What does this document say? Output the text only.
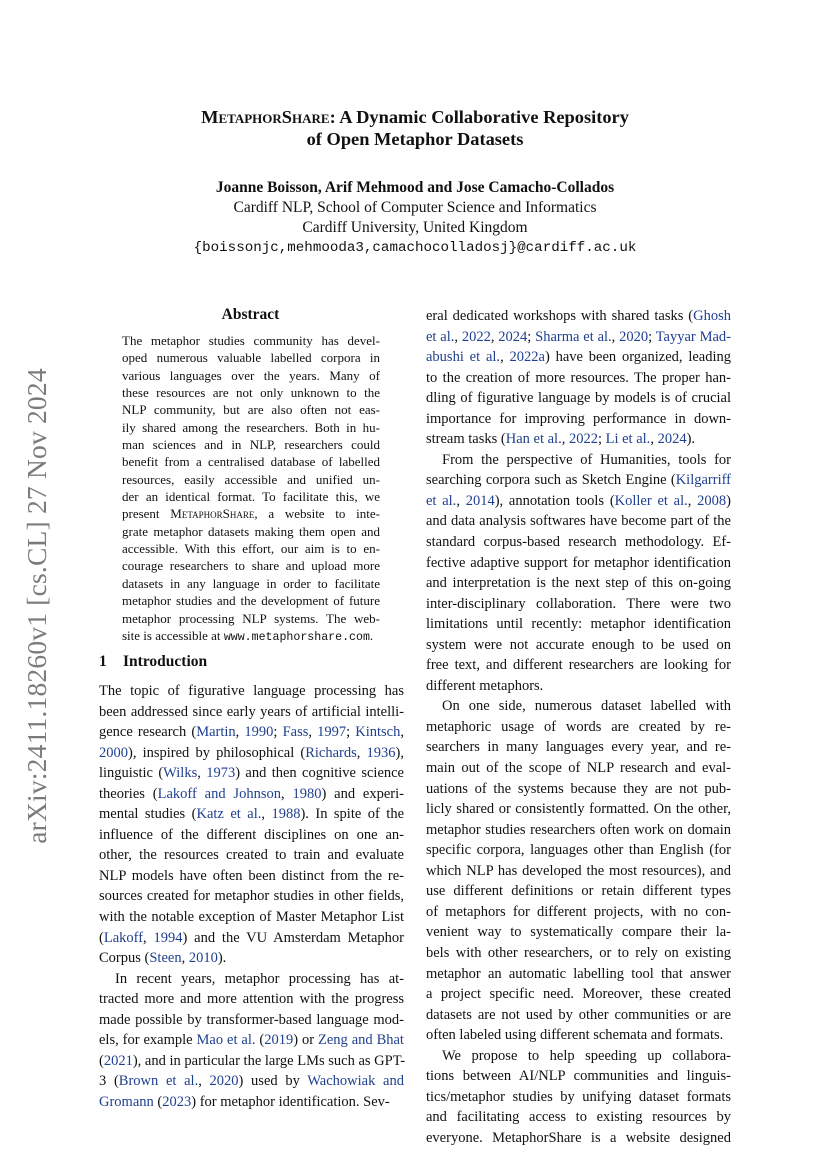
arXiv:2411.18260v1 [cs.CL] 27 Nov 2024
MetaphorShare: A Dynamic Collaborative Repository
of Open Metaphor Datasets
Joanne Boisson, Arif Mehmood and Jose Camacho-Collados
Cardiff NLP, School of Computer Science and Informatics
Cardiff University, United Kingdom
{boissonjc,mehmooda3,camachocolladosj}@cardiff.ac.uk
Abstract
The metaphor studies community has devel-
oped numerous valuable labelled corpora in
various languages over the years. Many of
these resources are not only unknown to the
NLP community, but are also often not eas-
ily shared among the researchers. Both in hu-
man sciences and in NLP, researchers could
benefit from a centralised database of labelled
resources, easily accessible and unified un-
der an identical format. To facilitate this, we
present MetaphorShare, a website to inte-
grate metaphor datasets making them open and
accessible. With this effort, our aim is to en-
courage researchers to share and upload more
datasets in any language in order to facilitate
metaphor studies and the development of future
metaphor processing NLP systems. The web-
site is accessible at www.metaphorshare.com.
1 Introduction
The topic of figurative language processing has
been addressed since early years of artificial intelli-
gence research (Martin, 1990; Fass, 1997; Kintsch,
2000), inspired by philosophical (Richards, 1936),
linguistic (Wilks, 1973) and then cognitive science
theories (Lakoff and Johnson, 1980) and experi-
mental studies (Katz et al., 1988). In spite of the
influence of the different disciplines on one an-
other, the resources created to train and evaluate
NLP models have often been distinct from the re-
sources created for metaphor studies in other fields,
with the notable exception of Master Metaphor List
(Lakoff, 1994) and the VU Amsterdam Metaphor
Corpus (Steen, 2010).
In recent years, metaphor processing has at-
tracted more and more attention with the progress
made possible by transformer-based language mod-
els, for example Mao et al. (2019) or Zeng and Bhat
(2021), and in particular the large LMs such as GPT-
3 (Brown et al., 2020) used by Wachowiak and
Gromann (2023) for metaphor identification. Sev-
eral dedicated workshops with shared tasks (Ghosh
et al., 2022, 2024; Sharma et al., 2020; Tayyar Mad-
abushi et al., 2022a) have been organized, leading
to the creation of more resources. The proper han-
dling of figurative language by models is of crucial
importance for improving performance in down-
stream tasks (Han et al., 2022; Li et al., 2024).
From the perspective of Humanities, tools for
searching corpora such as Sketch Engine (Kilgarriff
et al., 2014), annotation tools (Koller et al., 2008)
and data analysis softwares have become part of the
standard corpus-based research methodology. Ef-
fective adaptive support for metaphor identification
and interpretation is the next step of this on-going
inter-disciplinary collaboration. There were two
limitations until recently: metaphor identification
system were not accurate enough to be used on
free text, and different researchers are looking for
different metaphors.
On one side, numerous dataset labelled with
metaphoric usage of words are created by re-
searchers in many languages every year, and re-
main out of the scope of NLP research and eval-
uations of the systems because they are not pub-
licly shared or consistently formatted. On the other,
metaphor studies researchers often work on domain
specific corpora, languages other than English (for
which NLP has developed the most resources), and
use different definitions or retain different types
of metaphors for different projects, with no con-
venient way to systematically compare their la-
bels with other researchers, or to rely on existing
metaphor an automatic labelling tool that answer
a project specific need. Moreover, these created
datasets are not used by other communities or are
often labeled using different schemata and formats.
We propose to help speeding up collabora-
tions between AI/NLP communities and linguis-
tics/metaphor studies by unifying dataset formats
and facilitating access to existing resources by
everyone. MetaphorShare is a website designed
